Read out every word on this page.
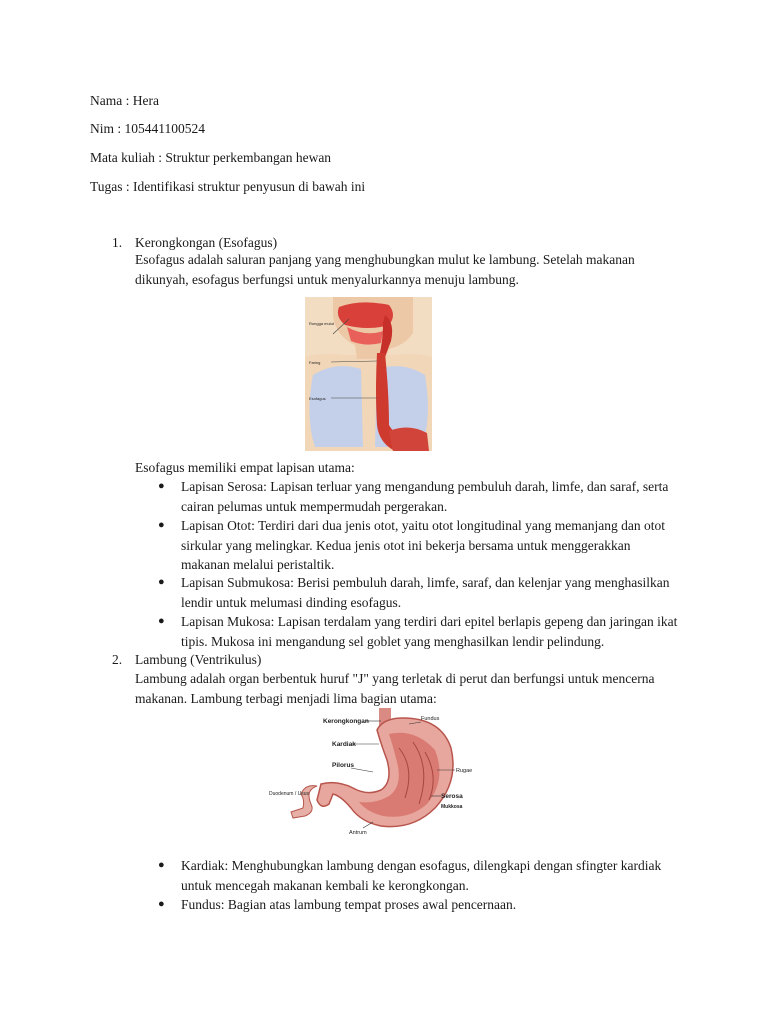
Nama : Hera
Nim : 105441100524
Mata kuliah : Struktur perkembangan hewan
Tugas : Identifikasi struktur penyusun di bawah ini
1. Kerongkongan (Esofagus)
Esofagus adalah saluran panjang yang menghubungkan mulut ke lambung. Setelah makanan dikunyah, esofagus berfungsi untuk menyalurkannya menuju lambung.
Rongga mulut
Faring
Esofagus
Esofagus memiliki empat lapisan utama:
● Lapisan Serosa: Lapisan terluar yang mengandung pembuluh darah, limfe, dan saraf, serta cairan pelumas untuk mempermudah pergerakan.
● Lapisan Otot: Terdiri dari dua jenis otot, yaitu otot longitudinal yang memanjang dan otot sirkular yang melingkar. Kedua jenis otot ini bekerja bersama untuk menggerakkan makanan melalui peristaltik.
● Lapisan Submukosa: Berisi pembuluh darah, limfe, saraf, dan kelenjar yang menghasilkan lendir untuk melumasi dinding esofagus.
● Lapisan Mukosa: Lapisan terdalam yang terdiri dari epitel berlapis gepeng dan jaringan ikat tipis. Mukosa ini mengandung sel goblet yang menghasilkan lendir pelindung.
2. Lambung (Ventrikulus)
Lambung adalah organ berbentuk huruf "J" yang terletak di perut dan berfungsi untuk mencerna makanan. Lambung terbagi menjadi lima bagian utama:
Kerongkongan
Kardiak
Pilorus
Duodenum / Usus
Fundus
Rugae
Serosa
Mukkosa
Antrum
● Kardiak: Menghubungkan lambung dengan esofagus, dilengkapi dengan sfingter kardiak untuk mencegah makanan kembali ke kerongkongan.
● Fundus: Bagian atas lambung tempat proses awal pencernaan.
